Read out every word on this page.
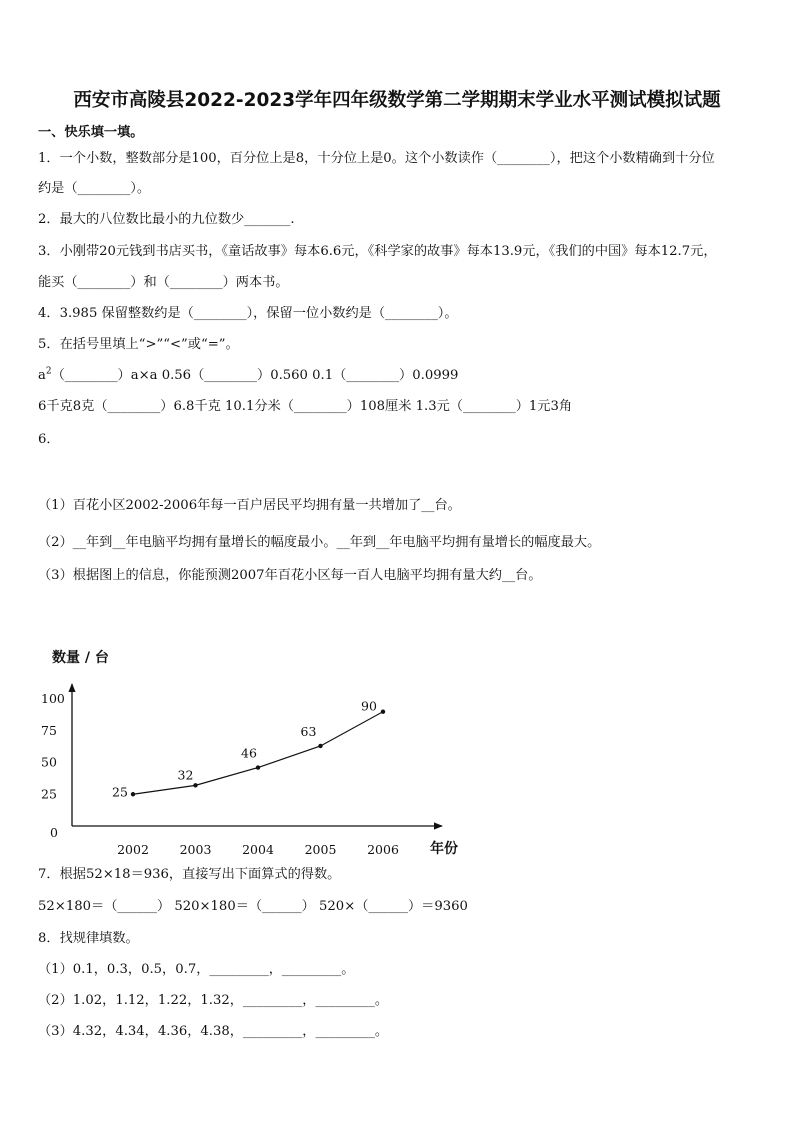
西安市高陵县2022-2023学年四年级数学第二学期期末学业水平测试模拟试题
一、快乐填一填。
1．一个小数，整数部分是100，百分位上是8，十分位上是0。这个小数读作（________），把这个小数精确到十分位
约是（________）。
2．最大的八位数比最小的九位数少_______.
3．小刚带20元钱到书店买书，《童话故事》每本6.6元，《科学家的故事》每本13.9元，《我们的中国》每本12.7元，
能买（________）和（________）两本书。
4．3.985 保留整数约是（________），保留一位小数约是（________）。
5．在括号里填上“>”“<”或“=”。
$a^2(\_\_\_\_\_\_\_\_)a\times a$ 0.56（________）0.560 0.1（________）0.0999
6千克8克（________）6.8千克 10.1分米（________）108厘米 1.3元（________）1元3角
6．
（1）百花小区2002-2006年每一百户居民平均拥有量一共增加了__台。
（2）__年到__年电脑平均拥有量增长的幅度最小。__年到__年电脑平均拥有量增长的幅度最大。
（3）根据图上的信息，你能预测2007年百花小区每一百人电脑平均拥有量大约__台。
数量 / 台
年份
100
75
50
25
0
2002 2003 2004 2005 2006
25
32
46
63
90
7．根据52×18＝936，直接写出下面算式的得数。
52×180＝（______） 520×180＝（______） 520×（______）＝9360
8．找规律填数。
（1）0.1，0.3，0.5，0.7，_________，_________。
（2）1.02，1.12，1.22，1.32，_________，_________。
（3）4.32，4.34，4.36，4.38，_________，_________。
